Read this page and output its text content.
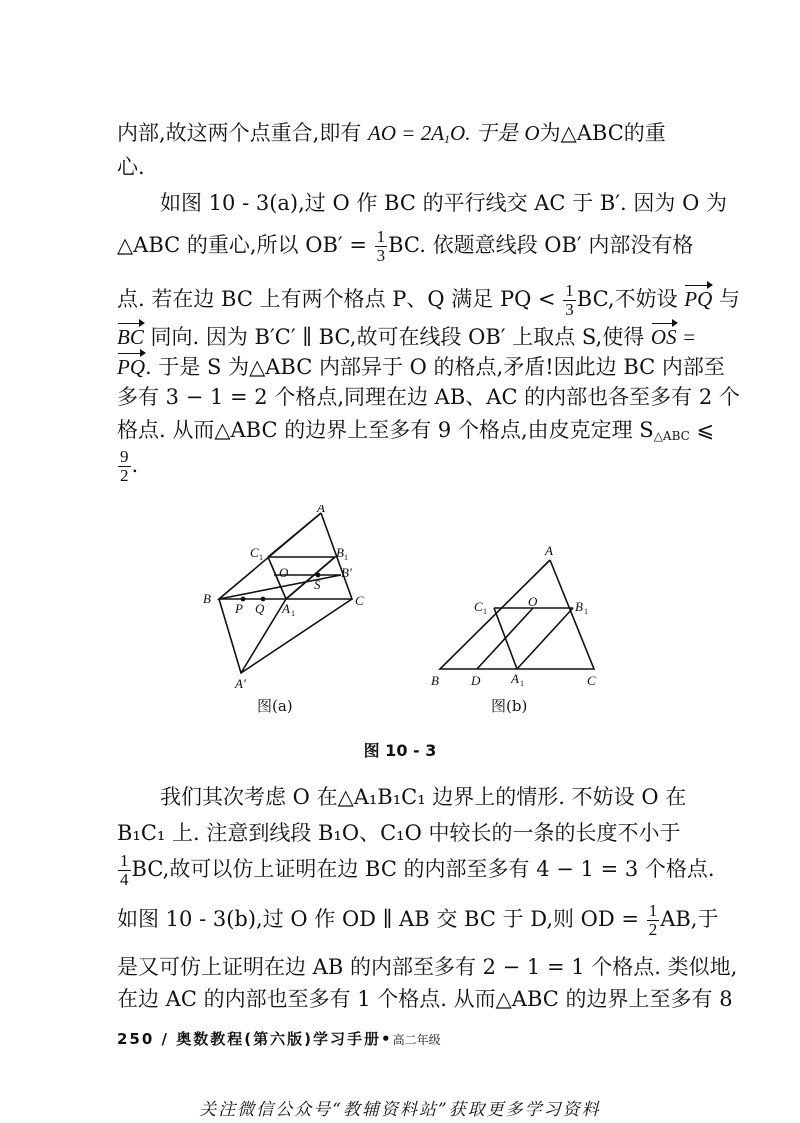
内部,故这两个点重合,即有 AO = $2A_1O$. 于是 O为△ABC的重
心.
如图 10 - 3(a),过 O 作 BC 的平行线交 AC 于 B′. 因为 O 为
△ABC 的重心,所以 $OB' = \frac{1}{3}$ BC. 依题意线段 OB′ 内部没有格
点. 若在边 BC 上有两个格点 P、Q 满足 PQ < $\frac{1}{3}$ BC,不妨设 PQ 与
BC 同向. 因为 B′C′ ∥ BC,故可在线段 OB′ 上取点 S,使得 OS =
PQ. 于是 S 为△ABC 内部异于 O 的格点,矛盾!因此边 BC 内部至
多有 3 − 1 = 2 个格点,同理在边 AB、AC 的内部也各至多有 2 个
格点. 从而△ABC 的边界上至多有 9 个格点,由皮克定理 $S_{\triangle ABC}$ ⩽
$\frac{9}{2}$ .
A
B	C
C 1	B 1
B′
O
S
P Q A 1
A′
A
B	C
C 1
O	B 1
D A 1
图(a)	图(b)
图 10 - 3
我们其次考虑 O 在△A₁B₁C₁ 边界上的情形. 不妨设 O 在
B₁C₁ 上. 注意到线段 B₁O、C₁O 中较长的一条的长度不小于
$\frac{1}{4}$ BC,故可以仿上证明在边 BC 的内部至多有 4 − 1 = 3 个格点.
如图 10 - 3(b),过 O 作 OD ∥ AB 交 BC 于 D,则 OD = $\frac{1}{2}$ AB,于
是又可仿上证明在边 AB 的内部至多有 2 − 1 = 1 个格点. 类似地,
在边 AC 的内部也至多有 1 个格点. 从而△ABC 的边界上至多有 8
250 / 奥数教程(第六版)学习手册•高二年级
关注微信公众号“教辅资料站”获取更多学习资料
